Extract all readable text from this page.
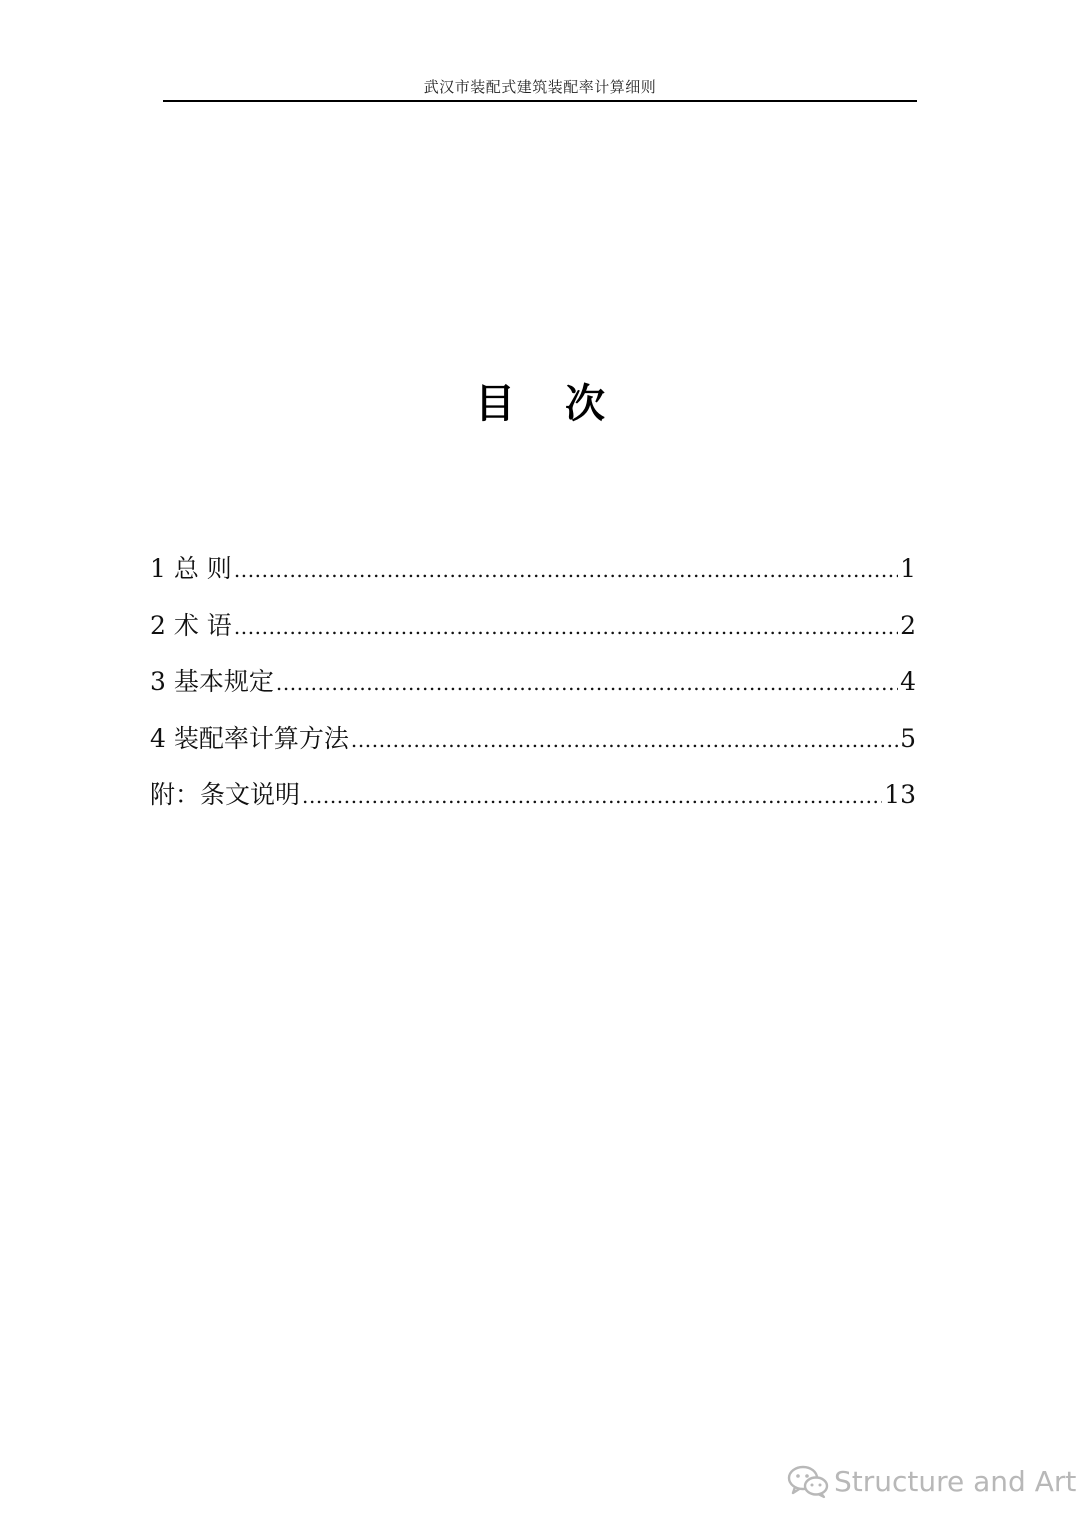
武汉市装配式建筑装配率计算细则
目 次
1 总 则 .....	1
2 术 语 .....	2
3 基本规定 .....	4
4 装配率计算方法 .....	5
附：条文说明 .....	13
Structure and Art
